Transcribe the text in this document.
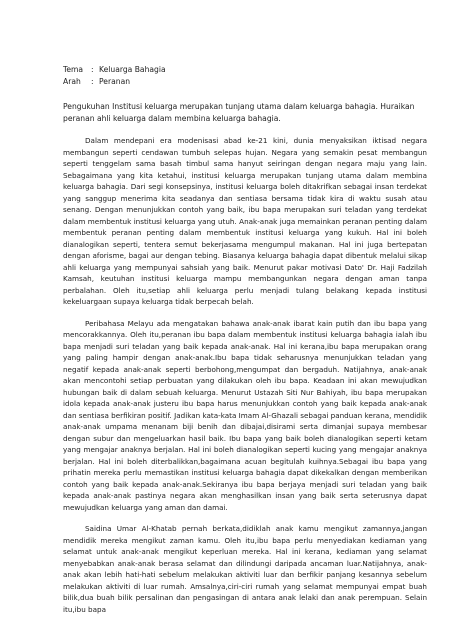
Tema : Keluarga Bahagia
Arah : Peranan
Pengukuhan Institusi keluarga merupakan tunjang utama dalam keluarga bahagia. Huraikan peranan ahli keluarga dalam membina keluarga bahagia.

Dalam mendepani era modenisasi abad ke-21 kini, dunia menyaksikan iktisad negara membangun seperti cendawan tumbuh selepas hujan. Negara yang semakin pesat membangun seperti tenggelam sama basah timbul sama hanyut seiringan dengan negara maju yang lain. Sebagaimana yang kita ketahui, institusi keluarga merupakan tunjang utama dalam membina keluarga bahagia. Dari segi konsepsinya, institusi keluarga boleh ditakrifkan sebagai insan terdekat yang sanggup menerima kita seadanya dan sentiasa bersama tidak kira di waktu susah atau senang. Dengan menunjukkan contoh yang baik, ibu bapa merupakan suri teladan yang terdekat dalam membentuk institusi keluarga yang utuh. Anak-anak juga memainkan peranan penting dalam membentuk peranan penting dalam membentuk institusi keluarga yang kukuh. Hal ini boleh dianalogikan seperti, tentera semut bekerjasama mengumpul makanan. Hal ini juga bertepatan dengan aforisme, bagai aur dengan tebing. Biasanya keluarga bahagia dapat dibentuk melalui sikap ahli keluarga yang mempunyai sahsiah yang baik. Menurut pakar motivasi Dato' Dr. Haji Fadzilah Kamsah, keutuhan institusi keluarga mampu membangunkan negara dengan aman tanpa perbalahan. Oleh itu,setiap ahli keluarga perlu menjadi tulang belakang kepada institusi kekeluargaan supaya keluarga tidak berpecah belah.

Peribahasa Melayu ada mengatakan bahawa anak-anak ibarat kain putih dan ibu bapa yang mencorakkannya. Oleh itu,peranan ibu bapa dalam membentuk institusi keluarga bahagia ialah ibu bapa menjadi suri teladan yang baik kepada anak-anak. Hal ini kerana,ibu bapa merupakan orang yang paling hampir dengan anak-anak.Ibu bapa tidak seharusnya menunjukkan teladan yang negatif kepada anak-anak seperti berbohong,mengumpat dan bergaduh. Natijahnya, anak-anak akan mencontohi setiap perbuatan yang dilakukan oleh ibu bapa. Keadaan ini akan mewujudkan hubungan baik di dalam sebuah keluarga. Menurut Ustazah Siti Nur Bahiyah, ibu bapa merupakan idola kepada anak-anak justeru ibu bapa harus menunjukkan contoh yang baik kepada anak-anak dan sentiasa berfikiran positif. Jadikan kata-kata Imam Al-Ghazali sebagai panduan kerana, mendidik anak-anak umpama menanam biji benih dan dibajai,disirami serta dimanjai supaya membesar dengan subur dan mengeluarkan hasil baik. Ibu bapa yang baik boleh dianalogikan seperti ketam yang mengajar anaknya berjalan. Hal ini boleh dianalogikan seperti kucing yang mengajar anaknya berjalan. Hal ini boleh diterbalikkan,bagaimana acuan begitulah kuihnya.Sebagai ibu bapa yang prihatin mereka perlu memastikan institusi keluarga bahagia dapat dikekalkan dengan memberikan contoh yang baik kepada anak-anak.Sekiranya ibu bapa berjaya menjadi suri teladan yang baik kepada anak-anak pastinya negara akan menghasilkan insan yang baik serta seterusnya dapat mewujudkan keluarga yang aman dan damai.

Saidina Umar Al-Khatab pernah berkata,didiklah anak kamu mengikut zamannya,jangan mendidik mereka mengikut zaman kamu. Oleh itu,ibu bapa perlu menyediakan kediaman yang selamat untuk anak-anak mengikut keperluan mereka. Hal ini kerana, kediaman yang selamat menyebabkan anak-anak berasa selamat dan dilindungi daripada ancaman luar.Natijahnya, anak-anak akan lebih hati-hati sebelum melakukan aktiviti luar dan berfikir panjang kesannya sebelum melakukan aktiviti di luar rumah. Amsalnya,ciri-ciri rumah yang selamat mempunyai empat buah bilik,dua buah bilik persalinan dan pengasingan di antara anak lelaki dan anak perempuan. Selain itu,ibu bapa
